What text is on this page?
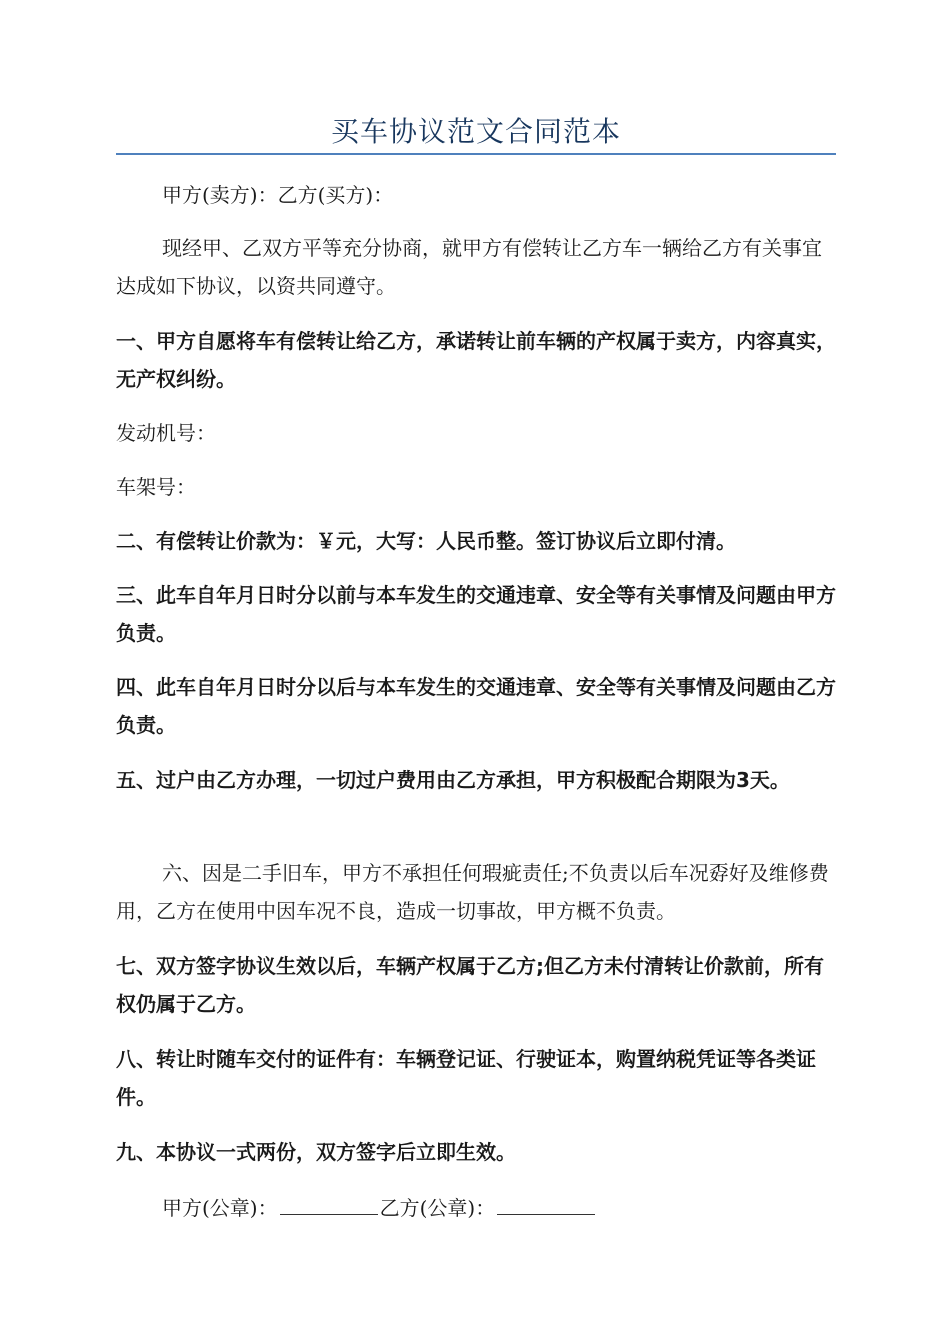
买车协议范文合同范本

甲方(卖方)：乙方(买方)：

现经甲、乙双方平等充分协商，就甲方有偿转让乙方车一辆给乙方有关事宜达成如下协议，以资共同遵守。

一、甲方自愿将车有偿转让给乙方，承诺转让前车辆的产权属于卖方，内容真实，无产权纠纷。

发动机号：

车架号：

二、有偿转让价款为：￥元，大写：人民币整。签订协议后立即付清。

三、此车自年月日时分以前与本车发生的交通违章、安全等有关事情及问题由甲方负责。

四、此车自年月日时分以后与本车发生的交通违章、安全等有关事情及问题由乙方负责。

五、过户由乙方办理，一切过户费用由乙方承担，甲方积极配合期限为3天。

六、因是二手旧车，甲方不承担任何瑕疵责任;不负责以后车况孬好及维修费用，乙方在使用中因车况不良，造成一切事故，甲方概不负责。

七、双方签字协议生效以后，车辆产权属于乙方;但乙方未付清转让价款前，所有权仍属于乙方。

八、转让时随车交付的证件有：车辆登记证、行驶证本，购置纳税凭证等各类证件。

九、本协议一式两份，双方签字后立即生效。

甲方(公章)：	乙方(公章)：
